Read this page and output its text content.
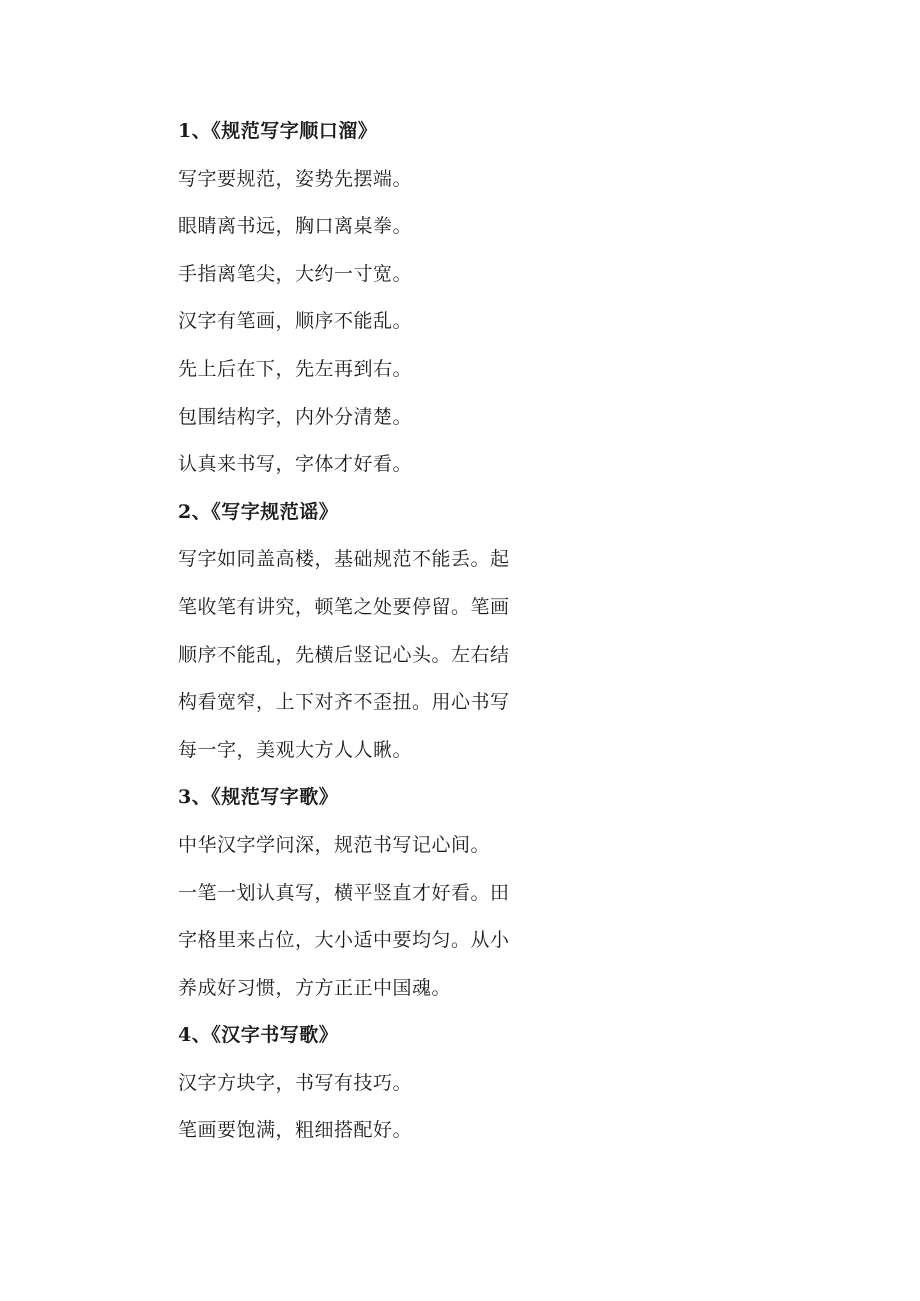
1、《规范写字顺口溜》
写字要规范，姿势先摆端。
眼睛离书远，胸口离桌拳。
手指离笔尖，大约一寸宽。
汉字有笔画，顺序不能乱。
先上后在下，先左再到右。
包围结构字，内外分清楚。
认真来书写，字体才好看。
2、《写字规范谣》
写字如同盖高楼，基础规范不能丢。起
笔收笔有讲究，顿笔之处要停留。笔画
顺序不能乱，先横后竖记心头。左右结
构看宽窄，上下对齐不歪扭。用心书写
每一字，美观大方人人瞅。
3、《规范写字歌》
中华汉字学问深，规范书写记心间。
一笔一划认真写，横平竖直才好看。田
字格里来占位，大小适中要均匀。从小
养成好习惯，方方正正中国魂。
4、《汉字书写歌》
汉字方块字，书写有技巧。
笔画要饱满，粗细搭配好。
